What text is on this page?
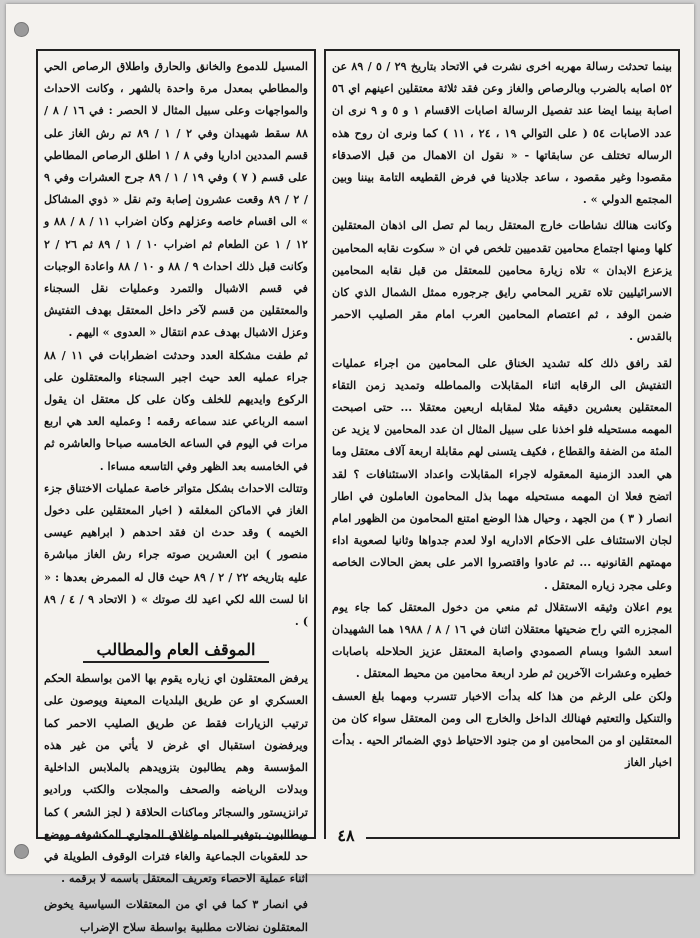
بينما تحدثت رسالة مهربه اخرى نشرت في الاتحاد بتاريخ ٢٩ / ٥ / ٨٩ عن ٥٢ اصابه بالضرب وبالرصاص والغاز وعن فقد ثلاثة معتقلين اعينهم اي ٥٦ اصابة بينما ايضا عند تفصيل الرسالة اصابات الاقسام ١ و ٥ و ٩ نرى ان عدد الاصابات ٥٤ ( على التوالي ١٩ ، ٢٤ ، ١١ ) كما ونرى ان روح هذه الرساله تختلف عن سابقاتها - « نقول ان الاهمال من قبل الاصدقاء مقصودا وغير مقصود ، ساعد جلادينا في فرض القطيعه التامة بيننا وبين المجتمع الدولي » .

وكانت هنالك نشاطات خارج المعتقل ربما لم تصل الى اذهان المعتقلين كلها ومنها اجتماع محامين تقدميين تلخص في ان « سكوت نقابه المحامين يزعزع الابدان » تلاه زيارة محامين للمعتقل من قبل نقابه المحامين الاسرائيليين تلاه تقرير المحامي رايق جرجوره ممثل الشمال الذي كان ضمن الوفد ، ثم اعتصام المحامين العرب امام مقر الصليب الاحمر بالقدس .

لقد رافق ذلك كله تشديد الخناق على المحامين من اجراء عمليات التفتيش الى الرقابه اثناء المقابلات والمماطله وتمديد زمن التقاء المعتقلين بعشرين دقيقه مثلا لمقابله اربعين معتقلا ... حتى اصبحت المهمه مستحيله فلو اخذنا على سبيل المثال ان عدد المحامين لا يزيد عن المئة من الضفة والقطاع ، فكيف يتسنى لهم مقابلة اربعة آلاف معتقل وما هي العدد الزمنية المعقوله لاجراء المقابلات واعداد الاستئنافات ؟ لقد اتضح فعلا ان المهمه مستحيله مهما بذل المحامون العاملون في اطار انصار ( ٣ ) من الجهد ، وحيال هذا الوضع امتنع المحامون من الظهور امام لجان الاستئناف على الاحكام الاداريه اولا لعدم جدواها وثانيا لصعوبة اداء مهمتهم القانونيه ... ثم عادوا واقتصروا الامر على بعض الحالات الخاصه وعلى مجرد زياره المعتقل .

يوم اعلان وثيقه الاستقلال ثم منعي من دخول المعتقل كما جاء يوم المجزره التي راح ضحيتها معتقلان اثنان في ١٦ / ٨ / ١٩٨٨ هما الشهيدان اسعد الشوا وبسام الصمودي واصابة المعتقل عزيز الحلاحله باصابات خطيره وعشرات الآخرين ثم طرد اربعة محامين من محيط المعتقل .

ولكن على الرغم من هذا كله بدأت الاخبار تتسرب ومهما بلغ العسف والتنكيل والتعتيم فهنالك الداخل والخارج الى ومن المعتقل سواء كان من المعتقلين او من المحامين او من جنود الاحتياط ذوي الضمائر الحيه . بدأت اخبار الغاز

المسيل للدموع والخانق والحارق واطلاق الرصاص الحي والمطاطي بمعدل مرة واحدة بالشهر ، وكانت الاحداث والمواجهات وعلى سبيل المثال لا الحصر : في ١٦ / ٨ / ٨٨ سقط شهيدان وفي ٢ / ١ / ٨٩ تم رش الغاز على قسم المددين اداريا وفي ٨ / ١ اطلق الرصاص المطاطي على قسم ( ٧ ) وفي ١٩ / ١ / ٨٩ جرح العشرات وفي ٩ / ٢ / ٨٩ وقعت عشرون إصابة وتم نقل « ذوي المشاكل » الى اقسام خاصه وعزلهم وكان اضراب ١١ / ٨ / ٨٨ و ١٢ / ١ عن الطعام ثم اضراب ١٠ / ١ / ٨٩ ثم ٢٦ / ٢ وكانت قبل ذلك احداث ٩ / ٨٨ و ١٠ / ٨٨ واعادة الوجبات في قسم الاشبال والتمرد وعمليات نقل السجناء والمعتقلين من قسم لآخر داخل المعتقل بهدف التفتيش وعزل الاشبال بهدف عدم انتقال « العدوى » اليهم .

ثم طفت مشكلة العدد وحدثت اضطرابات في ١١ / ٨٨ جراء عمليه العد حيث اجبر السجناء والمعتقلون على الركوع وايديهم للخلف وكان على كل معتقل ان يقول اسمه الرباعي عند سماعه رقمه ! وعمليه العد هي اربع مرات في اليوم في الساعه الخامسه صباحا والعاشره ثم في الخامسه بعد الظهر وفي التاسعه مساءا .

وتتالت الاحداث بشكل متواتر خاصة عمليات الاختناق جزء الغاز في الاماكن المغلقه ( اخبار المعتقلين على دخول الخيمه ) وقد حدث ان فقد احدهم ( ابراهيم عيسى منصور ) ابن العشرين صوته جراء رش الغاز مباشرة عليه بتاريخه ٢٢ / ٢ / ٨٩ حيث قال له الممرض بعدها : « انا لست الله لكي اعيد لك صوتك » ( الاتحاد ٩ / ٤ / ٨٩ ) .

الموقف العام والمطالب

يرفض المعتقلون اي زياره يقوم بها الامن بواسطة الحكم العسكري او عن طريق البلديات المعينة ويوصون على ترتيب الزيارات فقط عن طريق الصليب الاحمر كما ويرفضون استقبال اي غرض لا يأتي من غير هذه المؤسسة وهم يطالبون بتزويدهم بالملابس الداخلية وبدلات الرياضه والصحف والمجلات والكتب وراديو ترانزيستور والسجائر وماكنات الحلاقة ( لجز الشعر ) كما ويطالبون بتوفير المياه واغلاق المجاري المكشوفه ووضع حد للعقوبات الجماعية والغاء فترات الوقوف الطويلة في اثناء عملية الاحصاء وتعريف المعتقل باسمه لا برقمه .

في انصار ٣ كما في اي من المعتقلات السياسية يخوض المعتقلون نضالات مطلبية بواسطة سلاح الإضراب

٤٨
